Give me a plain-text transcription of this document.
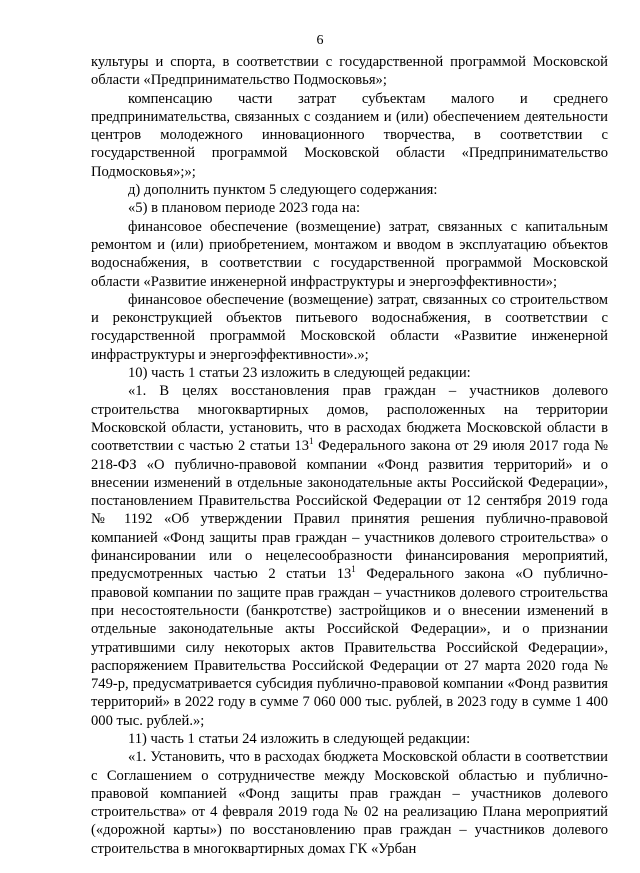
6

культуры и спорта, в соответствии с государственной программой Московской области «Предпринимательство Подмосковья»;

компенсацию части затрат субъектам малого и среднего предпринимательства, связанных с созданием и (или) обеспечением деятельности центров молодежного инновационного творчества, в соответствии с государственной программой Московской области «Предпринимательство Подмосковья»;»;

д) дополнить пунктом 5 следующего содержания:

«5) в плановом периоде 2023 года на:

финансовое обеспечение (возмещение) затрат, связанных с капитальным ремонтом и (или) приобретением, монтажом и вводом в эксплуатацию объектов водоснабжения, в соответствии с государственной программой Московской области «Развитие инженерной инфраструктуры и энергоэффективности»;

финансовое обеспечение (возмещение) затрат, связанных со строительством и реконструкцией объектов питьевого водоснабжения, в соответствии с государственной программой Московской области «Развитие инженерной инфраструктуры и энергоэффективности».»;

10) часть 1 статьи 23 изложить в следующей редакции:

«1. В целях восстановления прав граждан – участников долевого строительства многоквартирных домов, расположенных на территории Московской области, установить, что в расходах бюджета Московской области в соответствии с частью 2 статьи $13^1$ Федерального закона от 29 июля 2017 года № 218-ФЗ «О публично-правовой компании «Фонд развития территорий» и о внесении изменений в отдельные законодательные акты Российской Федерации», постановлением Правительства Российской Федерации от 12 сентября 2019 года № 1192 «Об утверждении Правил принятия решения публично-правовой компанией «Фонд защиты прав граждан – участников долевого строительства» о финансировании или о нецелесообразности финансирования мероприятий, предусмотренных частью 2 статьи $13^1$ Федерального закона «О публично-правовой компании по защите прав граждан – участников долевого строительства при несостоятельности (банкротстве) застройщиков и о внесении изменений в отдельные законодательные акты Российской Федерации», и о признании утратившими силу некоторых актов Правительства Российской Федерации», распоряжением Правительства Российской Федерации от 27 марта 2020 года № 749-р, предусматривается субсидия публично-правовой компании «Фонд развития территорий» в 2022 году в сумме 7 060 000 тыс. рублей, в 2023 году в сумме 1 400 000 тыс. рублей.»;

11) часть 1 статьи 24 изложить в следующей редакции:

«1. Установить, что в расходах бюджета Московской области в соответствии с Соглашением о сотрудничестве между Московской областью и публично-правовой компанией «Фонд защиты прав граждан – участников долевого строительства» от 4 февраля 2019 года № 02 на реализацию Плана мероприятий («дорожной карты») по восстановлению прав граждан – участников долевого строительства в многоквартирных домах ГК «Урбан
